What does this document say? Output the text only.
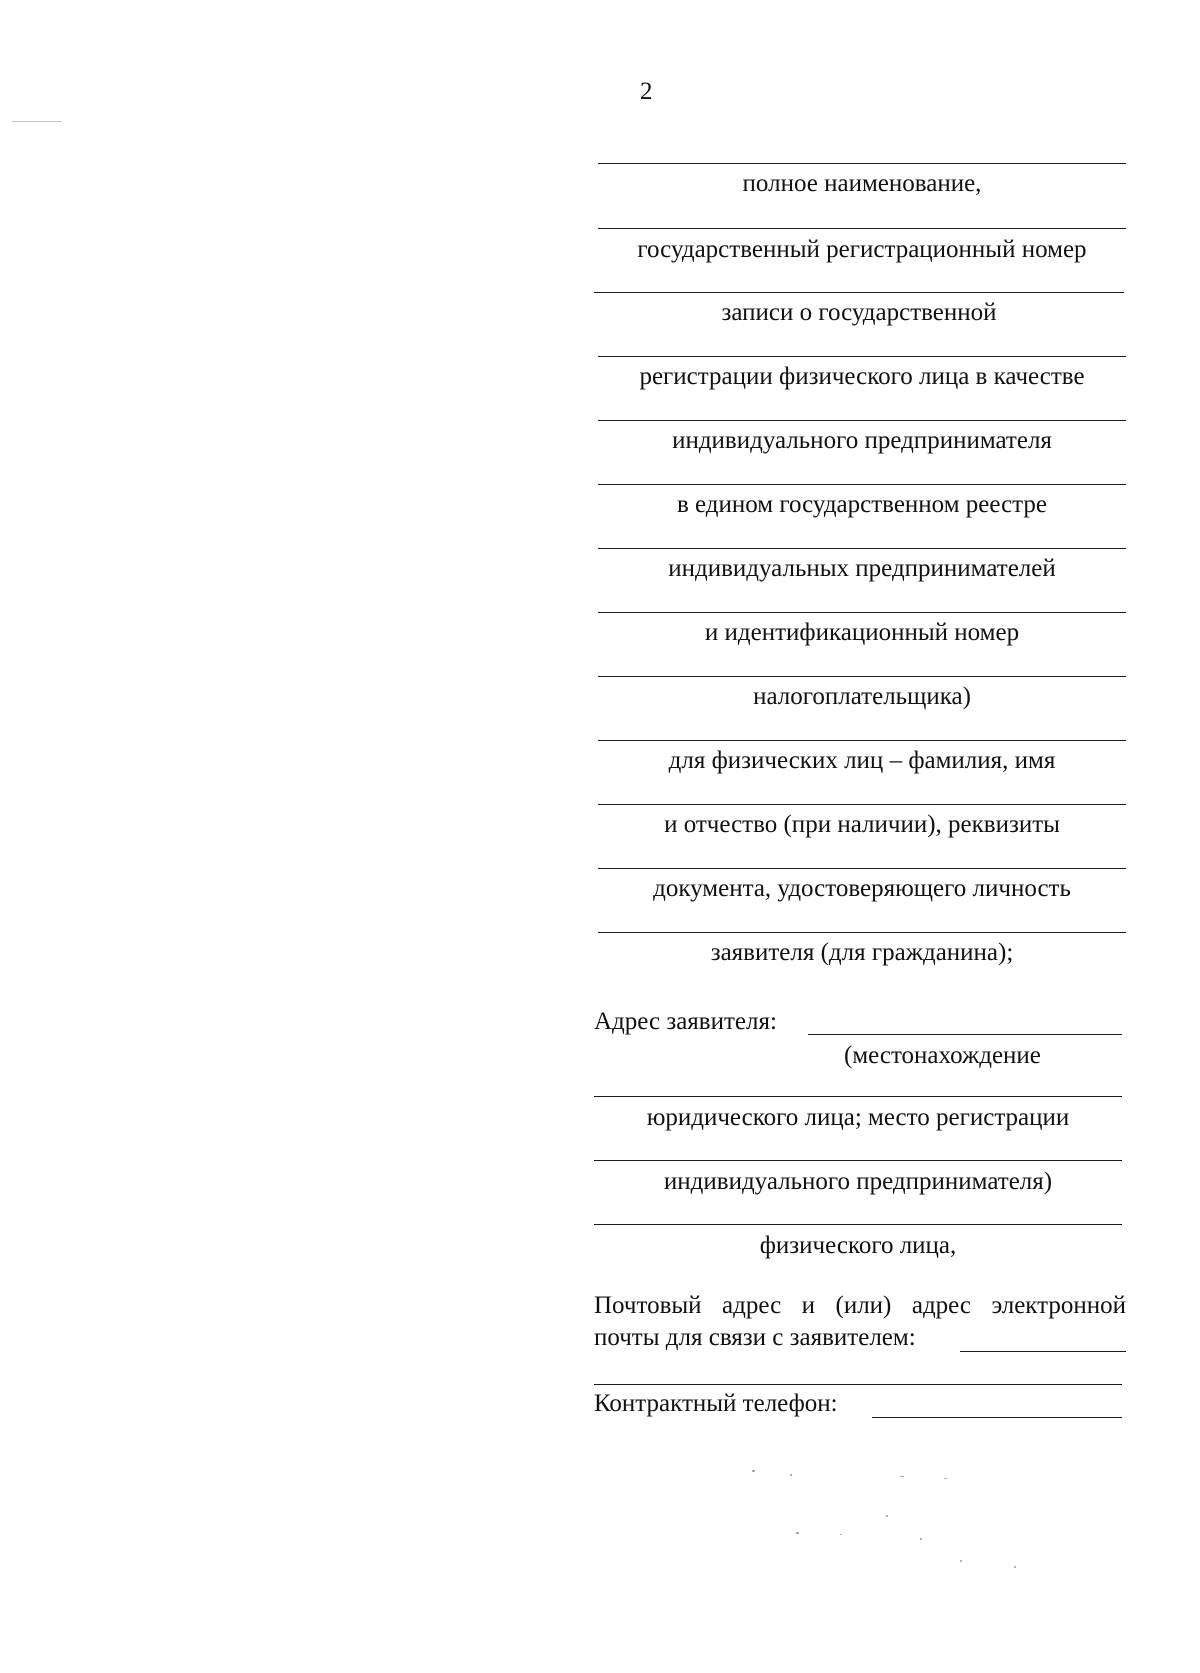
2
полное наименование,
государственный регистрационный номер
записи о государственной
регистрации физического лица в качестве
индивидуального предпринимателя
в едином государственном реестре
индивидуальных предпринимателей
и идентификационный номер
налогоплательщика)
для физических лиц – фамилия, имя
и отчество (при наличии), реквизиты
документа, удостоверяющего личность
заявителя (для гражданина);
Адрес заявителя:
(местонахождение
юридического лица; место регистрации
индивидуального предпринимателя)
физического лица,
Почтовый адрес и (или) адрес электронной
почты для связи с заявителем:
Контрактный телефон:
